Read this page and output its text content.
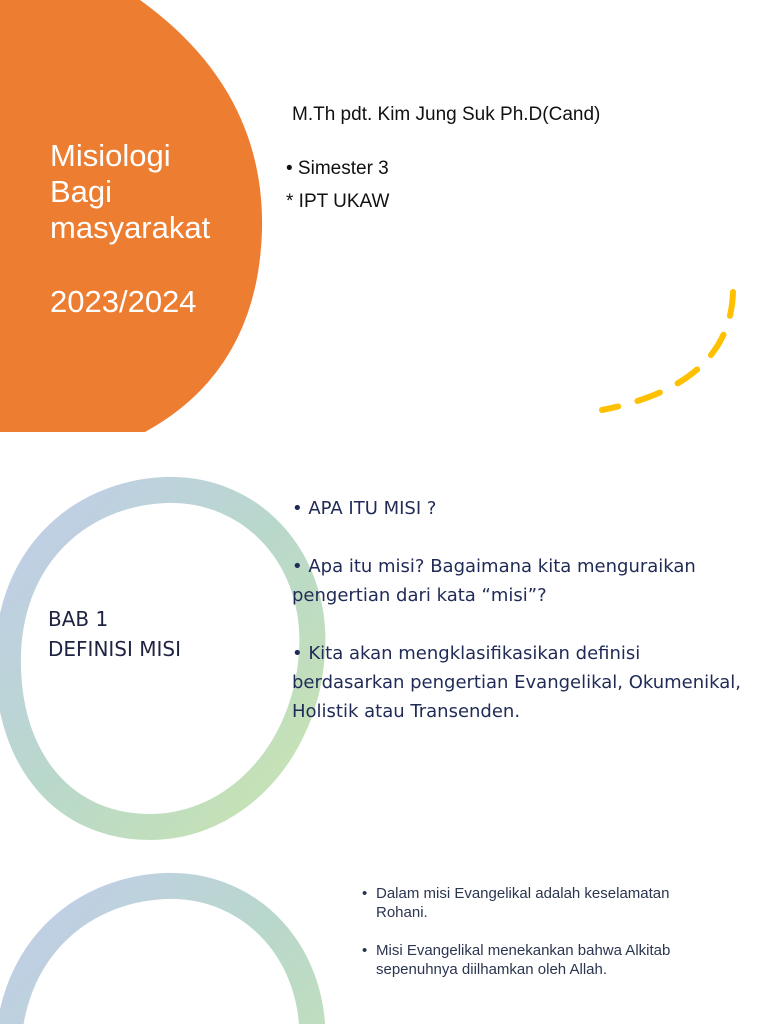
Misiologi
Bagi
masyarakat
2023/2024
M.Th pdt. Kim Jung Suk Ph.D(Cand)
• Simester 3
* IPT UKAW
BAB 1
DEFINISI MISI

• APA ITU MISI ?

• Apa itu misi? Bagaimana kita menguraikan pengertian dari kata “misi”?

• Kita akan mengklasifikasikan definisi berdasarkan pengertian Evangelikal, Okumenikal, Holistik atau Transenden.

• Dalam misi Evangelikal adalah keselamatan Rohani.
• Misi Evangelikal menekankan bahwa Alkitab sepenuhnya diilhamkan oleh Allah.
